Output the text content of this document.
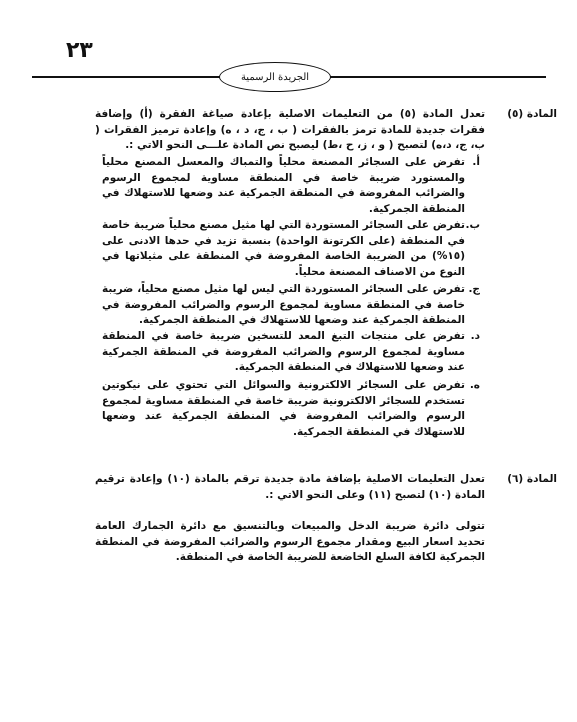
٢٣
الجريدة الرسمية
المادة (٥)

تعدل المادة (٥) من التعليمات الاصلية بإعادة صياغة الفقرة (أ) وإضافة فقرات جديدة للمادة ترمز بالفقرات ( ب ، ج، د ، ه) وإعادة ترميز الفقرات ( ب، ج، د،ه) لتصبح ( و ، ز، ح ،ط) ليصبح نص المادة علـــى النحو الاتي :.

أ.

تفرض على السجائر المصنعة محلياً والتمباك والمعسل المصنع محلياً والمستورد ضريبة خاصة في المنطقة مساوية لمجموع الرسوم والضرائب المفروضة في المنطقة الجمركية عند وضعها للاستهلاك في المنطقة الجمركية.

ب.

تفرض على السجائر المستوردة التي لها مثيل مصنع محلياً ضريبة خاصة في المنطقة (على الكرتونة الواحدة) بنسبة تزيد في حدها الادنى على (١٥%) من الضريبة الخاصة المفروضة في المنطقة على مثيلاتها في النوع من الاصناف المصنعة محلياً.

ج.

تفرض على السجائر المستوردة التي ليس لها مثيل مصنع محلياً، ضريبة خاصة في المنطقة مساوية لمجموع الرسوم والضرائب المفروضة في المنطقة الجمركية عند وضعها للاستهلاك في المنطقة الجمركية.

د.

تفرض على منتجات التبغ المعد للتسخين ضريبة خاصة في المنطقة مساوية لمجموع الرسوم والضرائب المفروضة في المنطقة الجمركية عند وضعها للاستهلاك في المنطقة الجمركية.

ه.

تفرض على السجائر الالكترونية والسوائل التي تحتوي على نيكوتين تستخدم للسجائر الالكترونية ضريبة خاصة في المنطقة مساوية لمجموع الرسوم والضرائب المفروضة في المنطقة الجمركية عند وضعها للاستهلاك في المنطقة الجمركية.

المادة (٦)

تعدل التعليمات الاصلية بإضافة مادة جديدة ترقم بالمادة (١٠) وإعادة ترقيم المادة (١٠) لتصبح (١١) وعلى النحو الاتي :.

تتولى دائرة ضريبة الدخل والمبيعات وبالتنسيق مع دائرة الجمارك العامة تحديد اسعار البيع ومقدار مجموع الرسوم والضرائب المفروضة في المنطقة الجمركية لكافة السلع الخاضعة للضريبة الخاصة في المنطقة.
